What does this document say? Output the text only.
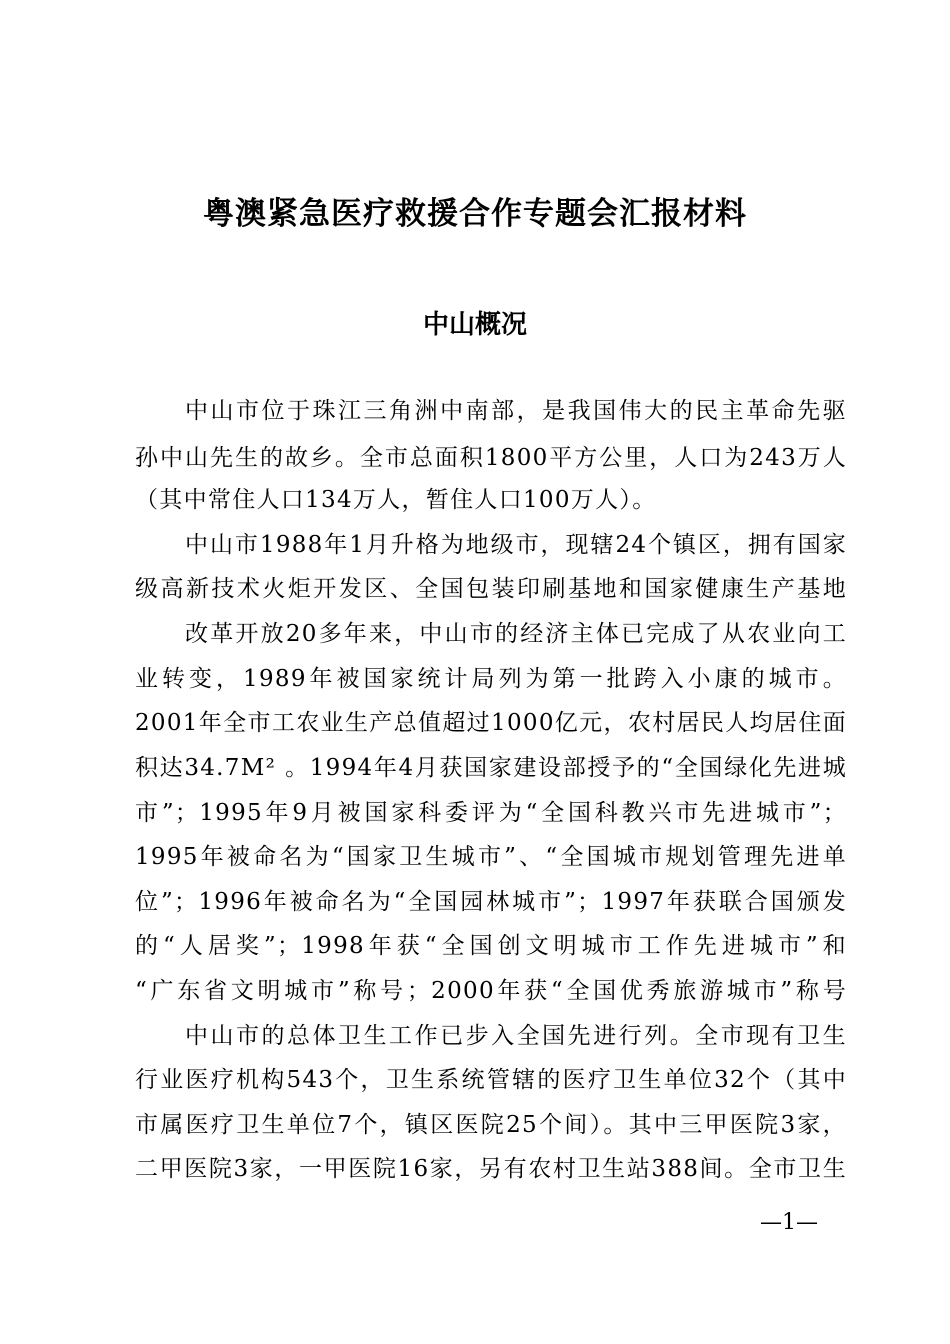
粤澳紧急医疗救援合作专题会汇报材料
中山概况

中山市位于珠江三角洲中南部，是我国伟大的民主革命先驱

孙中山先生的故乡。全市总面积1800平方公里，人口为243万人

（其中常住人口134万人，暂住人口100万人）。

中山市1988年1月升格为地级市，现辖24个镇区，拥有国家

级高新技术火炬开发区、全国包装印刷基地和国家健康生产基地

改革开放20多年来，中山市的经济主体已完成了从农业向工

业转变，1989年被国家统计局列为第一批跨入小康的城市。

2001年全市工农业生产总值超过1000亿元，农村居民人均居住面

积达34.7M² 。1994年4月获国家建设部授予的“全国绿化先进城

市”；1995年9月被国家科委评为“全国科教兴市先进城市”；

1995年被命名为“国家卫生城市”、“全国城市规划管理先进单

位”；1996年被命名为“全国园林城市”；1997年获联合国颁发

的“人居奖”；1998年获“全国创文明城市工作先进城市”和

“广东省文明城市”称号；2000年获“全国优秀旅游城市”称号

中山市的总体卫生工作已步入全国先进行列。全市现有卫生

行业医疗机构543个，卫生系统管辖的医疗卫生单位32个（其中

市属医疗卫生单位7个，镇区医院25个间）。其中三甲医院3家，

二甲医院3家，一甲医院16家，另有农村卫生站388间。全市卫生

—1—
